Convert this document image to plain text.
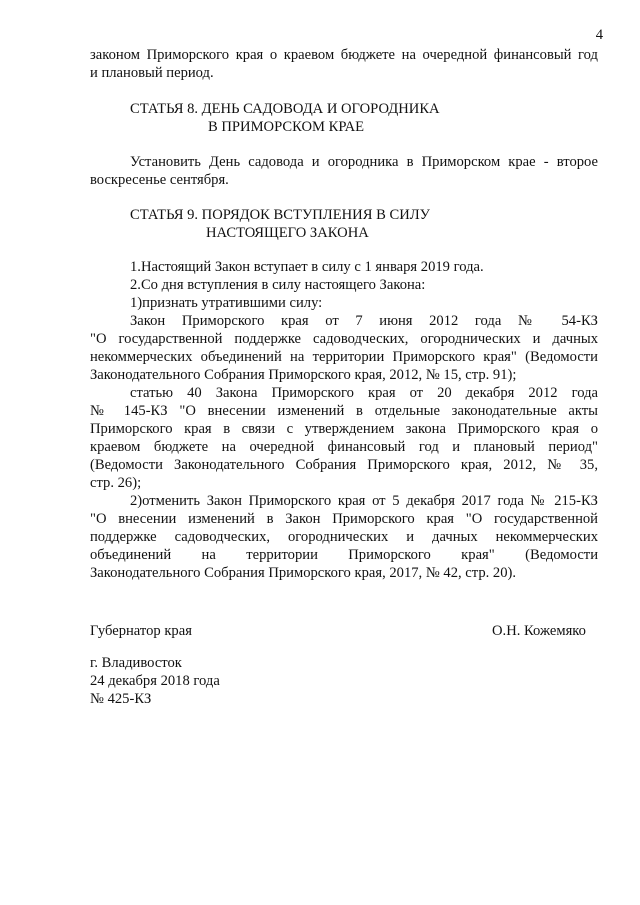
4
законом Приморского края о краевом бюджете на очередной финансовый год
и плановый период.
СТАТЬЯ 8. ДЕНЬ САДОВОДА И ОГОРОДНИКА
В ПРИМОРСКОМ КРАЕ
Установить День садовода и огородника в Приморском крае - второе
воскресенье сентября.
СТАТЬЯ 9. ПОРЯДОК ВСТУПЛЕНИЯ В СИЛУ
НАСТОЯЩЕГО ЗАКОНА
1.Настоящий Закон вступает в силу с 1 января 2019 года.
2.Со дня вступления в силу настоящего Закона:
1)признать утратившими силу:
Закон Приморского края от 7 июня 2012 года № 54-КЗ
"О государственной поддержке садоводческих, огороднических и дачных
некоммерческих объединений на территории Приморского края" (Ведомости
Законодательного Собрания Приморского края, 2012, № 15, стр. 91);
статью 40 Закона Приморского края от 20 декабря 2012 года
№ 145-КЗ "О внесении изменений в отдельные законодательные акты
Приморского края в связи с утверждением закона Приморского края о
краевом бюджете на очередной финансовый год и плановый период"
(Ведомости Законодательного Собрания Приморского края, 2012, № 35,
стр. 26);
2)отменить Закон Приморского края от 5 декабря 2017 года № 215-КЗ
"О внесении изменений в Закон Приморского края "О государственной
поддержке садоводческих, огороднических и дачных некоммерческих
объединений на территории Приморского края" (Ведомости
Законодательного Собрания Приморского края, 2017, № 42, стр. 20).
Губернатор края	О.Н. Кожемяко
г. Владивосток
24 декабря 2018 года
№ 425-КЗ
